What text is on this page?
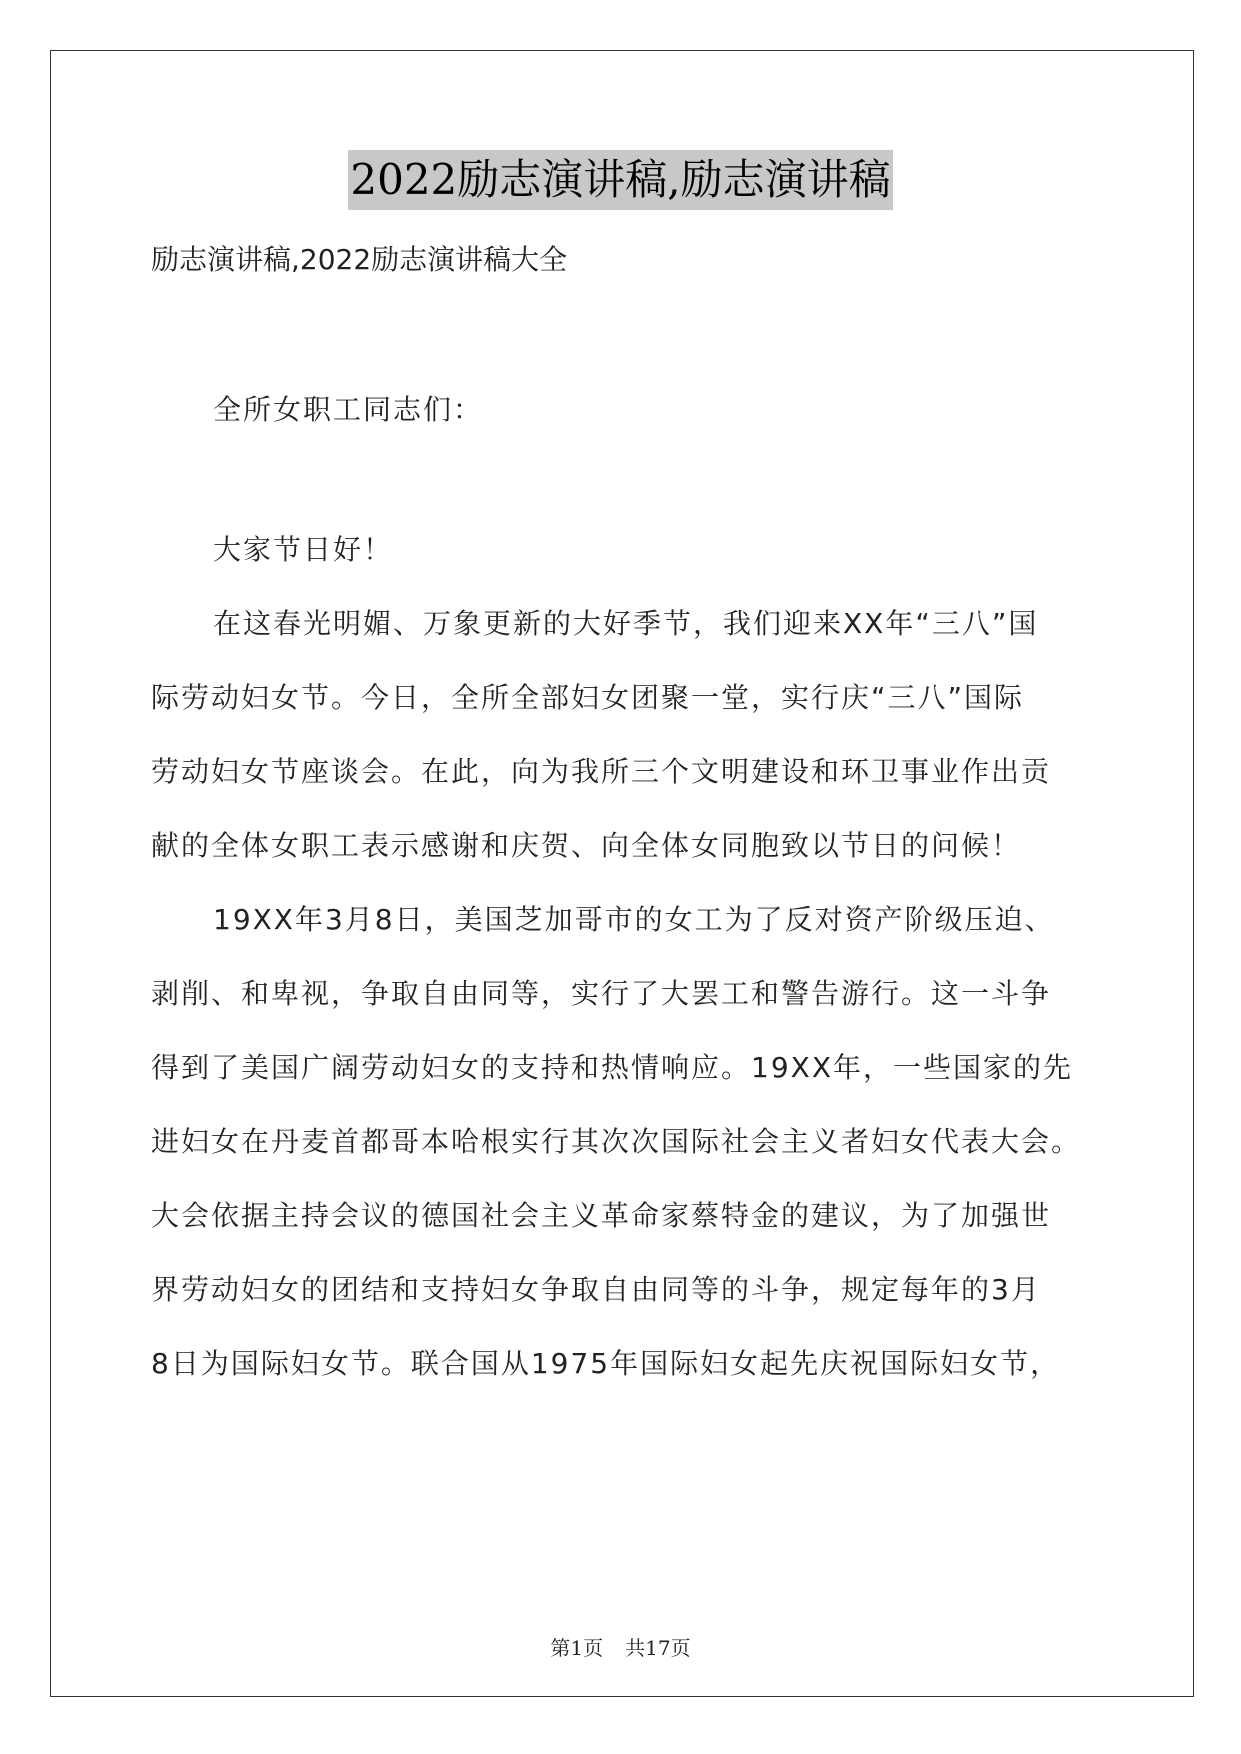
2022励志演讲稿,励志演讲稿
励志演讲稿,2022励志演讲稿大全
全所女职工同志们：
大家节日好！
在这春光明媚、万象更新的大好季节，我们迎来XX年“三八”国
际劳动妇女节。今日，全所全部妇女团聚一堂，实行庆“三八”国际
劳动妇女节座谈会。在此，向为我所三个文明建设和环卫事业作出贡
献的全体女职工表示感谢和庆贺、向全体女同胞致以节日的问候！
19XX年3月8日，美国芝加哥市的女工为了反对资产阶级压迫、
剥削、和卑视，争取自由同等，实行了大罢工和警告游行。这一斗争
得到了美国广阔劳动妇女的支持和热情响应。19XX年，一些国家的先
进妇女在丹麦首都哥本哈根实行其次次国际社会主义者妇女代表大会。
大会依据主持会议的德国社会主义革命家蔡特金的建议，为了加强世
界劳动妇女的团结和支持妇女争取自由同等的斗争，规定每年的3月
8日为国际妇女节。联合国从1975年国际妇女起先庆祝国际妇女节，
第1页 共17页
